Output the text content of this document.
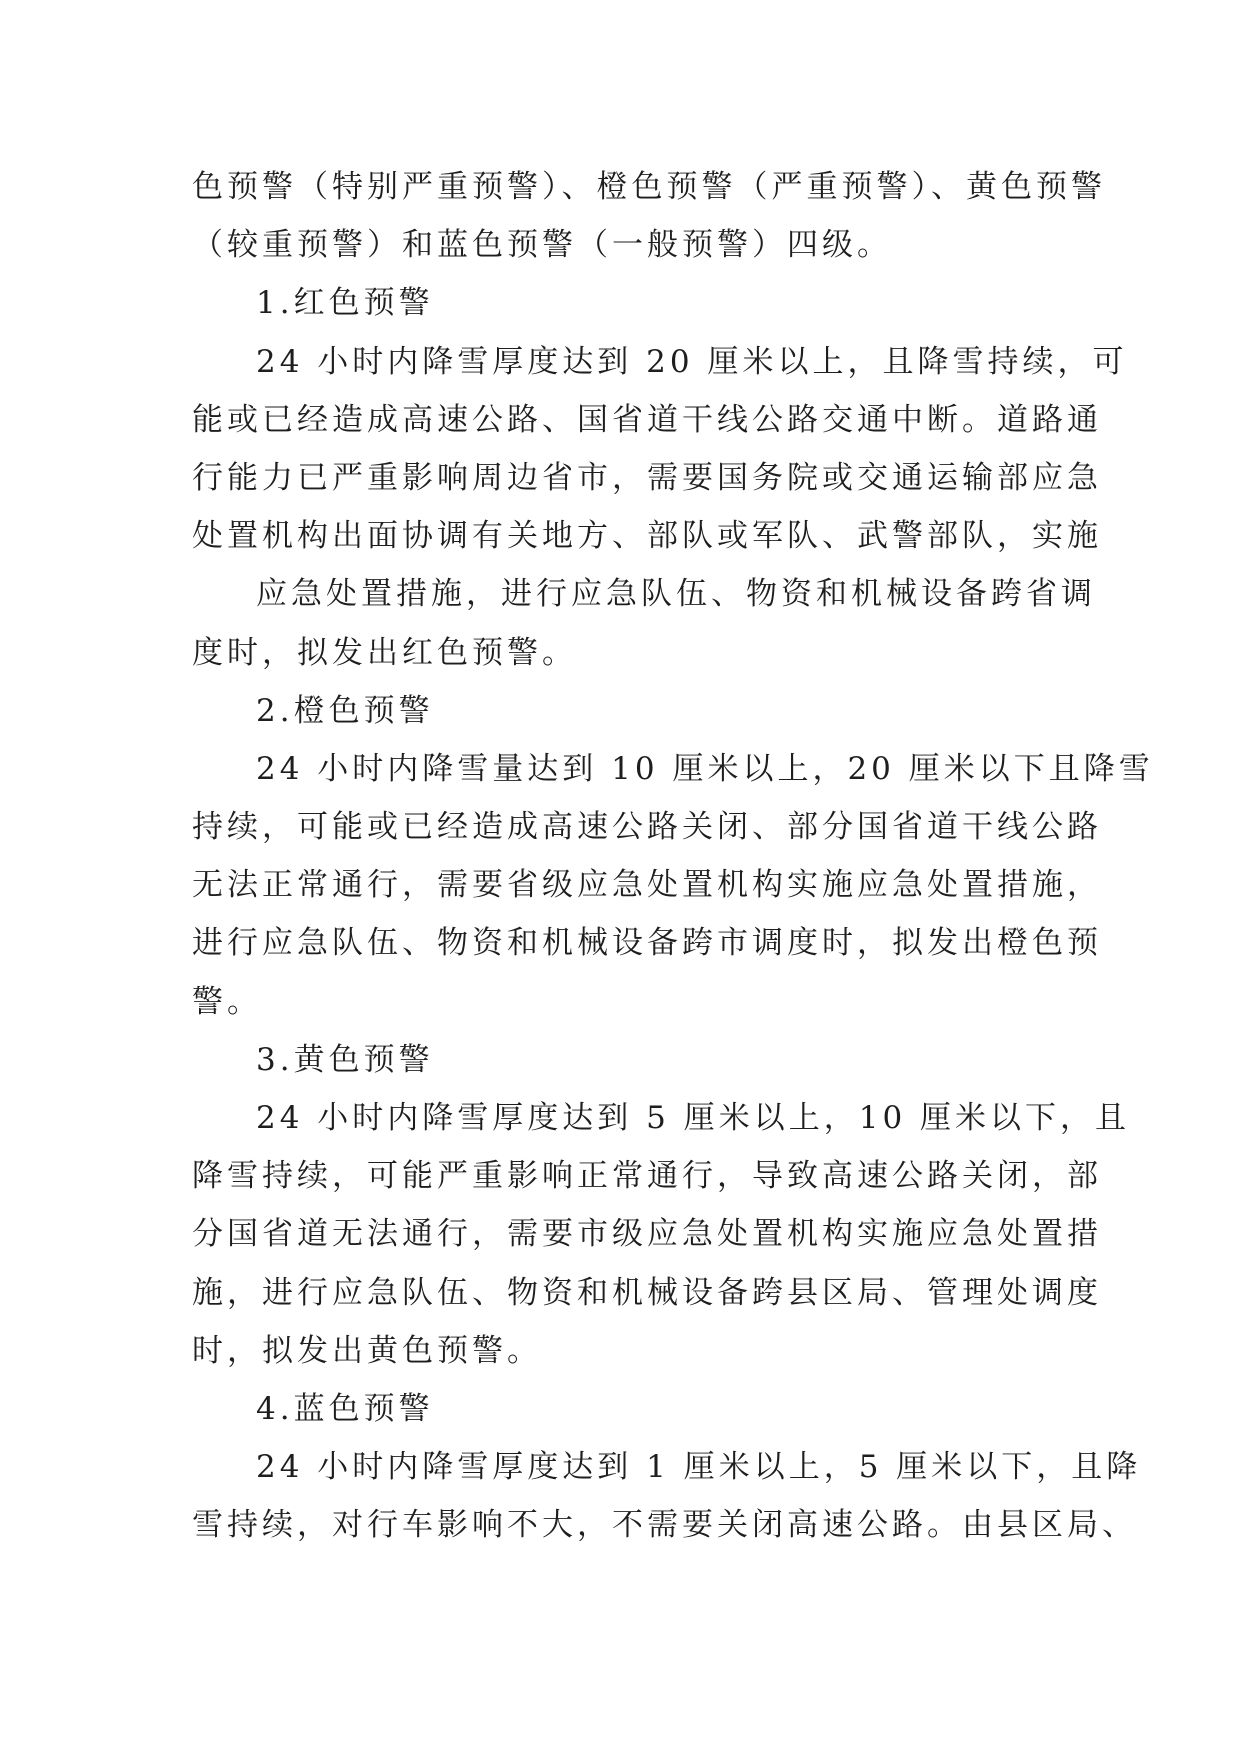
色预警（特别严重预警）、橙色预警（严重预警）、黄色预警
（较重预警）和蓝色预警（一般预警）四级。
1.红色预警
24 小时内降雪厚度达到 20 厘米以上，且降雪持续，可
能或已经造成高速公路、国省道干线公路交通中断。道路通
行能力已严重影响周边省市，需要国务院或交通运输部应急
处置机构出面协调有关地方、部队或军队、武警部队，实施
应急处置措施，进行应急队伍、物资和机械设备跨省调
度时，拟发出红色预警。
2.橙色预警
24 小时内降雪量达到 10 厘米以上，20 厘米以下且降雪
持续，可能或已经造成高速公路关闭、部分国省道干线公路
无法正常通行，需要省级应急处置机构实施应急处置措施，
进行应急队伍、物资和机械设备跨市调度时，拟发出橙色预
警。
3.黄色预警
24 小时内降雪厚度达到 5 厘米以上，10 厘米以下，且
降雪持续，可能严重影响正常通行，导致高速公路关闭，部
分国省道无法通行，需要市级应急处置机构实施应急处置措
施，进行应急队伍、物资和机械设备跨县区局、管理处调度
时，拟发出黄色预警。
4.蓝色预警
24 小时内降雪厚度达到 1 厘米以上，5 厘米以下，且降
雪持续，对行车影响不大，不需要关闭高速公路。由县区局、
